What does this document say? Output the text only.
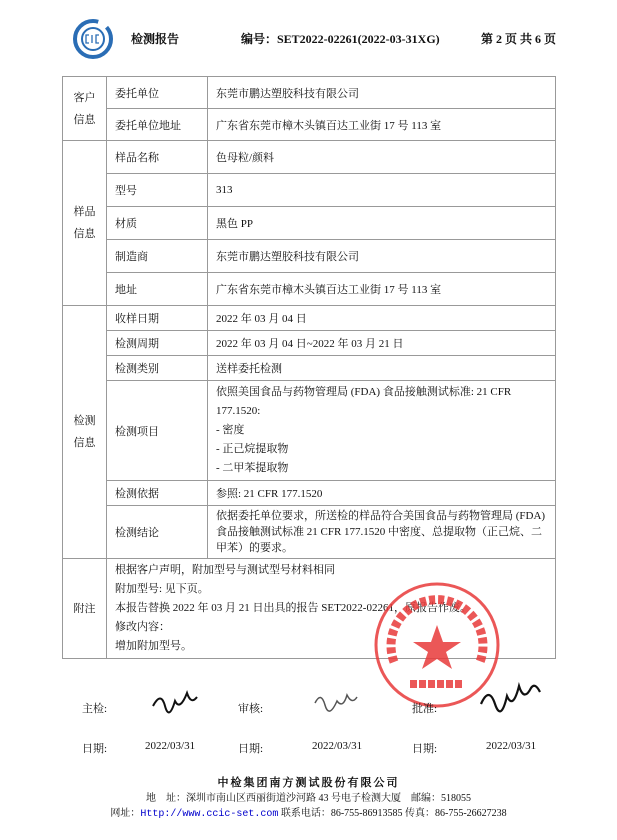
检测报告	编号：SET2022-02261(2022-03-31XG)	第 2 页 共 6 页
客户
信息	委托单位	东莞市鹏达塑胶科技有限公司
	委托单位地址	广东省东莞市樟木头镇百达工业街 17 号 113 室
样品
信息	样品名称	色母粒/颜料
	型号	313
	材质	黑色 PP
	制造商	东莞市鹏达塑胶科技有限公司
	地址	广东省东莞市樟木头镇百达工业街 17 号 113 室
检测
信息	收样日期	2022 年 03 月 04 日
	检测周期	2022 年 03 月 04 日~2022 年 03 月 21 日
	检测类别	送样委托检测
	检测项目	依照美国食品与药物管理局 (FDA) 食品接触测试标准: 21 CFR 177.1520:
- 密度
- 正己烷提取物
- 二甲苯提取物

	检测依据	参照: 21 CFR 177.1520
	检测结论	依据委托单位要求，所送检的样品符合美国食品与药物管理局 (FDA) 食品接触测试标准 21 CFR 177.1520 中密度、总提取物（正己烷、二甲苯）的要求。
附注	根据客户声明，附加型号与测试型号材料相同
附加型号: 见下页。
本报告替换 2022 年 03 月 21 日出具的报告 SET2022-02261，原报告作废。
修改内容：
增加附加型号。	
主检:	审核:	批准:
日期:	2022/03/31	日期:	2022/03/31	日期:	2022/03/31
中检集团南方测试股份有限公司
地　址：深圳市南山区西丽街道沙河路 43 号电子检测大厦　邮编：518055
网址：Http://www.ccic-set.com 联系电话：86-755-86913585 传真：86-755-26627238
